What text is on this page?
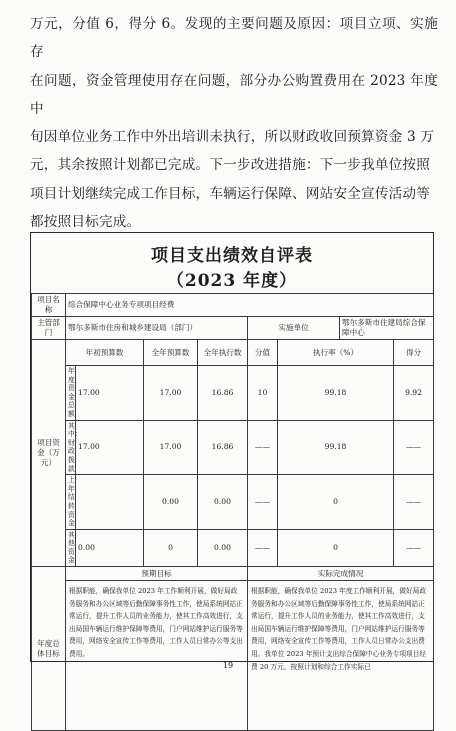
万元，分值 6，得分 6。发现的主要问题及原因：项目立项、实施存

在问题，资金管理使用存在问题，部分办公购置费用在 2023 年度中

旬因单位业务工作中外出培训未执行，所以财政收回预算资金 3 万

元，其余按照计划都已完成。下一步改进措施：下一步我单位按照

项目计划继续完成工作目标，车辆运行保障、网站安全宣传活动等

都按照目标完成。

项目支出绩效自评表
（2023 年度）
项目名称	综合保障中心业务专项项目经费							
主管部门	鄂尔多斯市住房和城乡建设局（部门）				实施单位		鄂尔多斯市住建局综合保障中心	
项目资金（万元）	年初预算数		全年预算数	全年执行数	分值	执行率（%）		得分
	年度资金总额	17.00	17.00	16.86	10	99.18		9.92
	其中：财政拨款	17.00	17.00	16.86	——	99.18		——
	上年结转资金		0.00	0.00	——	0		——
	其他资金	0.00	0	0.00	——	0		——
年度总体目标	预期目标				实际完成情况			
	根据职能，确保我单位 2023 年工作顺利开展，做好局政务服务和办公区域等后勤保障事务性工作，使局系统网站正常运行，提升工作人员的业务能力，使其工作高效进行，支出局国车辆运行维护保障等费用，门户网站维护运行服务等费用，网络安全宣传工作等费用，工作人员日常办公等支出费用。				根据职能，确保我单位 2023 年度工作顺利开展，做好局政务服务和办公区域等后勤保障事务性工作，使局系统网站正常运行，提升工作人员的业务能力，使其工作高效进行，支出局国车辆运行维护保障等费用，门户网站维护运行服务等费用，网络安全宣传工作等费用，工作人员日常办公支出费用。我单位 2023 年预计支出综合保障中心业务专项项目经费 20 万元，按照计划和综合工作实际已			
19
